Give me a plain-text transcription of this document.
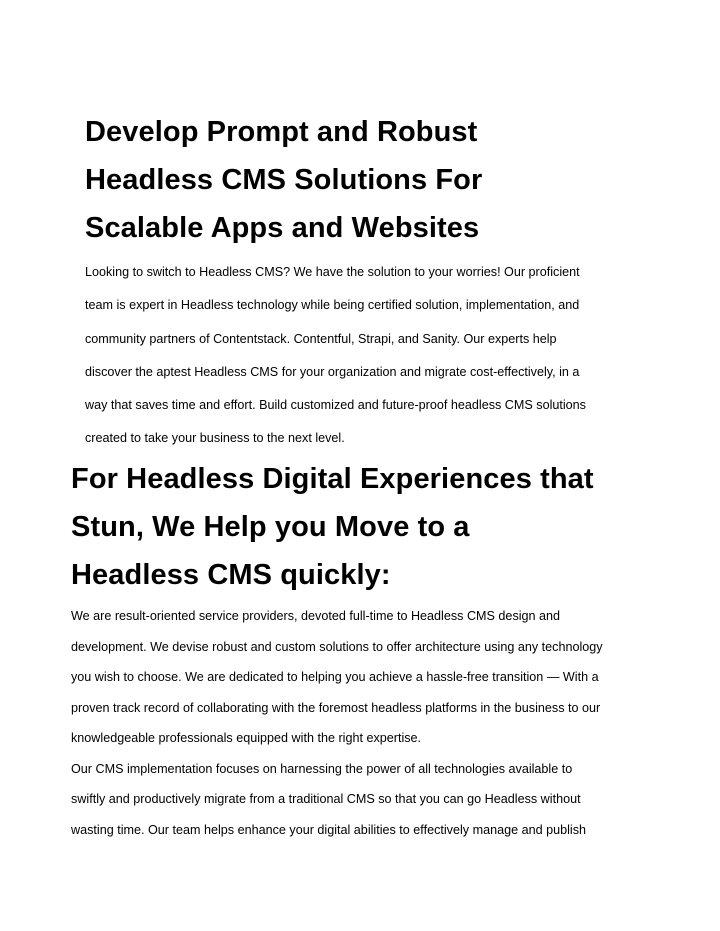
Develop Prompt and Robust
Headless CMS Solutions For
Scalable Apps and Websites

Looking to switch to Headless CMS? We have the solution to your worries! Our proficient
team is expert in Headless technology while being certified solution, implementation, and
community partners of Contentstack. Contentful, Strapi, and Sanity. Our experts help
discover the aptest Headless CMS for your organization and migrate cost-effectively, in a
way that saves time and effort. Build customized and future-proof headless CMS solutions
created to take your business to the next level.

For Headless Digital Experiences that
Stun, We Help you Move to a
Headless CMS quickly:

We are result-oriented service providers, devoted full-time to Headless CMS design and
development. We devise robust and custom solutions to offer architecture using any technology
you wish to choose. We are dedicated to helping you achieve a hassle-free transition — With a
proven track record of collaborating with the foremost headless platforms in the business to our
knowledgeable professionals equipped with the right expertise.

Our CMS implementation focuses on harnessing the power of all technologies available to
swiftly and productively migrate from a traditional CMS so that you can go Headless without
wasting time. Our team helps enhance your digital abilities to effectively manage and publish
